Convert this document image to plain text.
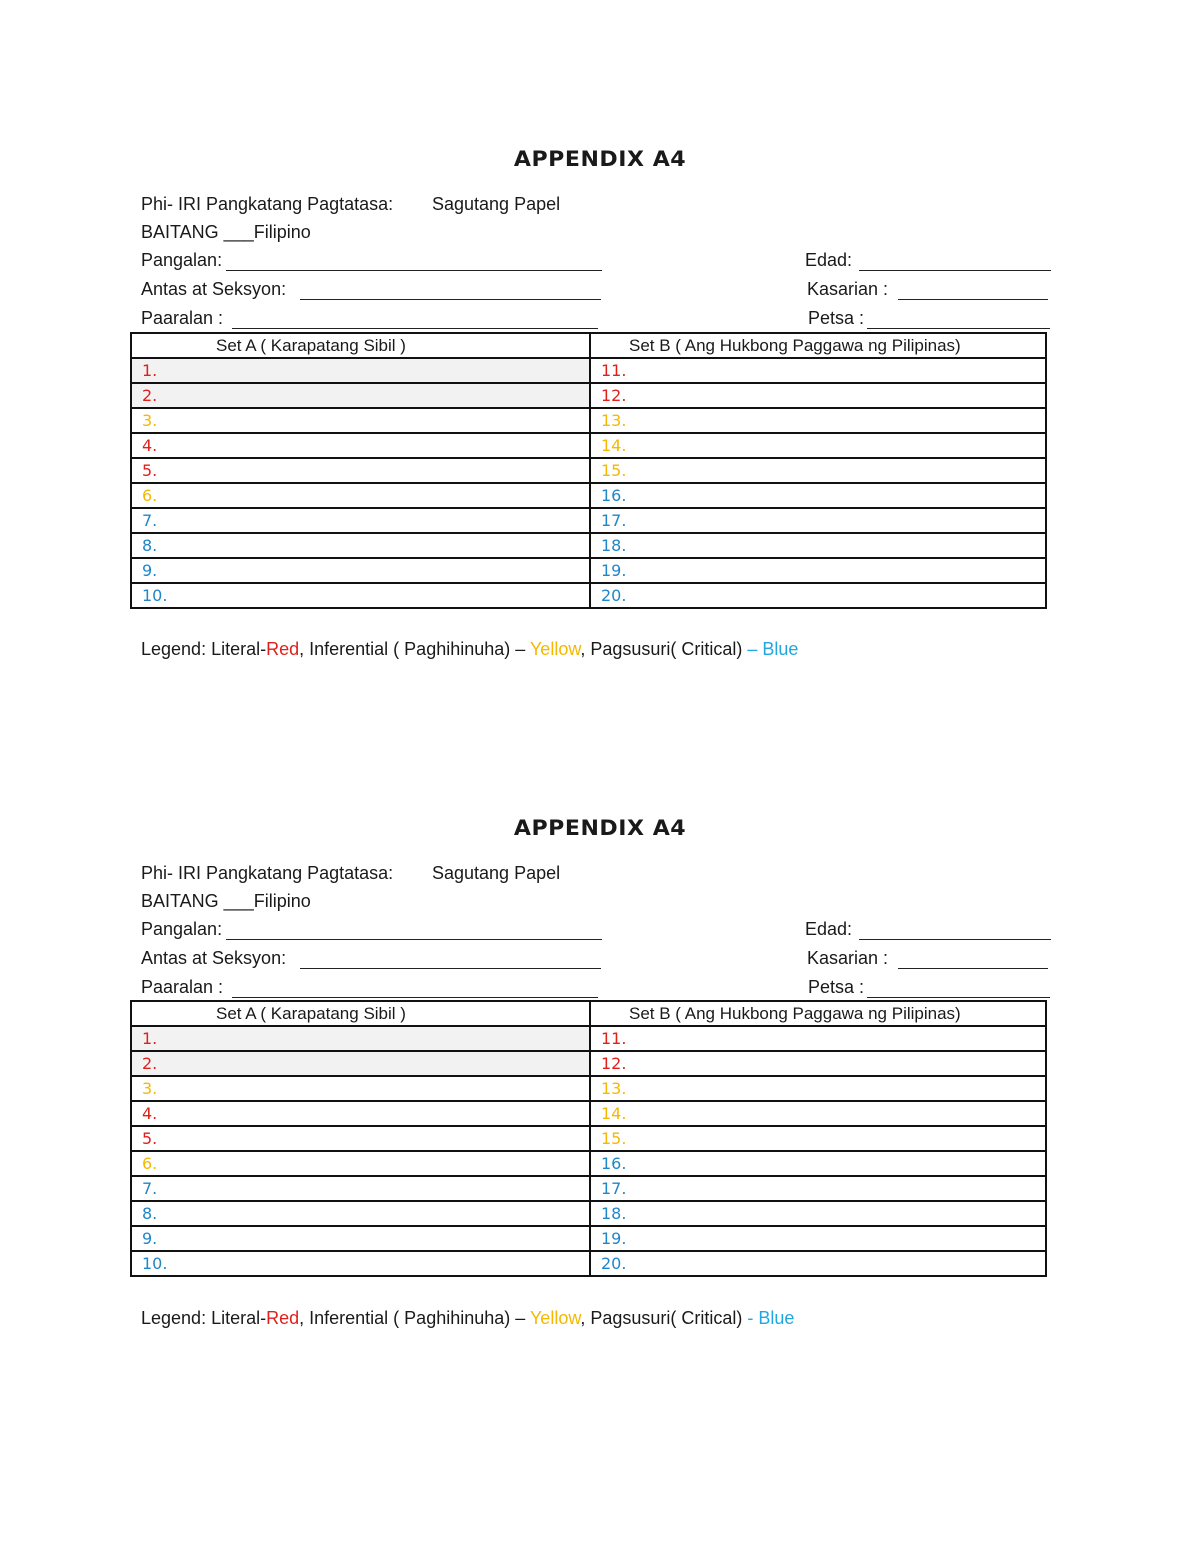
APPENDIX A4
Phi- IRI Pangkatang Pagtatasa: Sagutang Papel
BAITANG ___Filipino
Pangalan:	Edad:
Antas at Seksyon:	Kasarian :
Paaralan :	Petsa :
Set A ( Karapatang Sibil )	Set B ( Ang Hukbong Paggawa ng Pilipinas)
1.	11.
2.	12.
3.	13.
4.	14.
5.	15.
6.	16.
7.	17.
8.	18.
9.	19.
10.	20.
Legend: Literal-Red, Inferential ( Paghihinuha) – Yellow, Pagsusuri( Critical) – Blue
APPENDIX A4
Phi- IRI Pangkatang Pagtatasa: Sagutang Papel
BAITANG ___Filipino
Pangalan:	Edad:
Antas at Seksyon:	Kasarian :
Paaralan :	Petsa :
Set A ( Karapatang Sibil )	Set B ( Ang Hukbong Paggawa ng Pilipinas)
1.	11.
2.	12.
3.	13.
4.	14.
5.	15.
6.	16.
7.	17.
8.	18.
9.	19.
10.	20.
Legend: Literal-Red, Inferential ( Paghihinuha) – Yellow, Pagsusuri( Critical) - Blue
